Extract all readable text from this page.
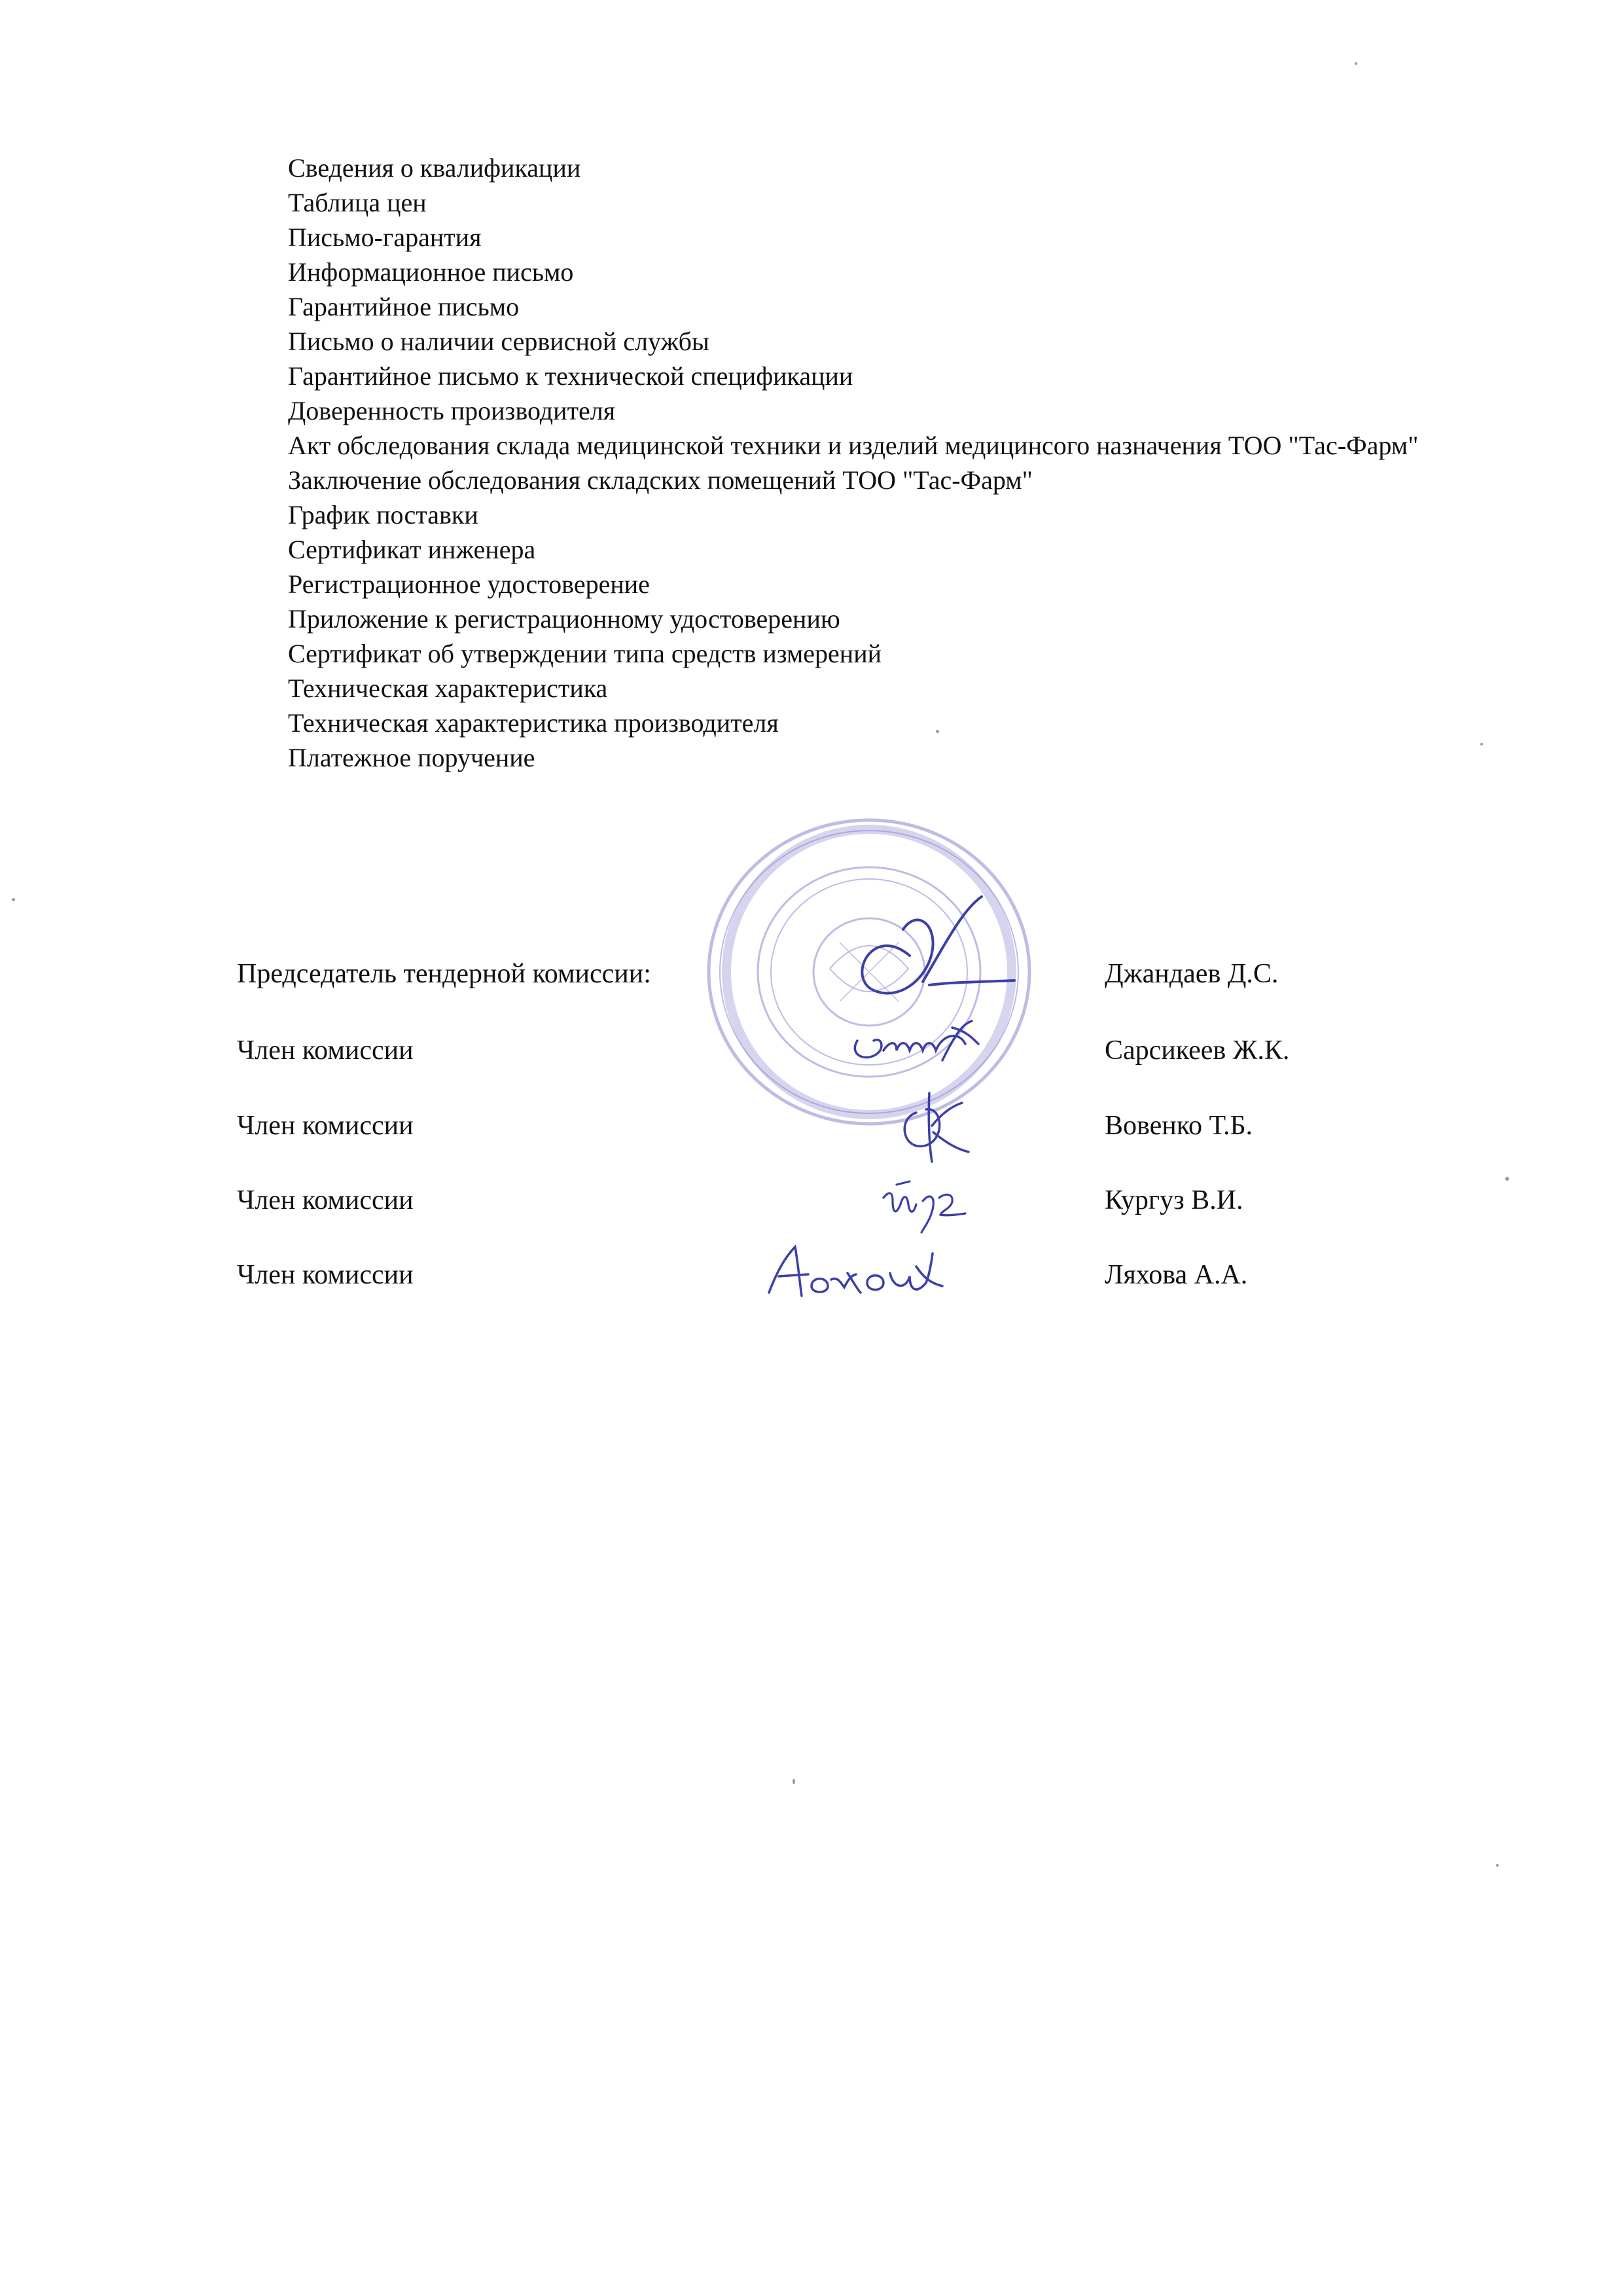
Сведения о квалификации

Таблица цен

Письмо-гарантия

Информационное письмо

Гарантийное письмо

Письмо о наличии сервисной службы

Гарантийное письмо к технической спецификации

Доверенность производителя

Акт обследования склада медицинской техники и изделий медицинсого назначения ТОО "Тас-Фарм"

Заключение обследования складских помещений ТОО "Тас-Фарм"

График поставки

Сертификат инженера

Регистрационное удостоверение

Приложение к регистрационному удостоверению

Сертификат об утверждении типа средств измерений

Техническая характеристика

Техническая характеристика производителя

Платежное поручение

Председатель тендерной комиссии:	Джандаев Д.С.
Член комиссии	Сарсикеев Ж.К.
Член комиссии	Вовенко Т.Б.
Член комиссии	Кургуз В.И.
Член комиссии	Ляхова А.А.
